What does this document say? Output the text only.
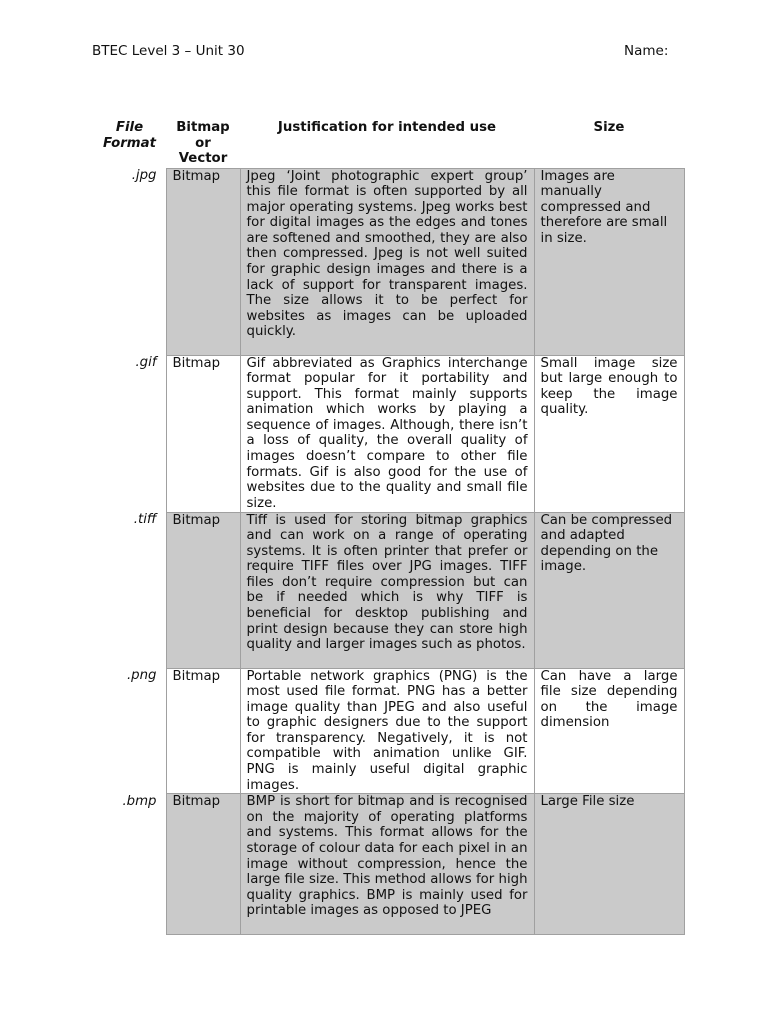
BTEC Level 3 – Unit 30	Name:
File Format	Bitmap or Vector	Justification for intended use	Size
.jpg	Bitmap	Jpeg ‘Joint photographic expert group’ this file format is often supported by all major operating systems. Jpeg works best for digital images as the edges and tones are softened and smoothed, they are also then compressed. Jpeg is not well suited for graphic design images and there is a lack of support for transparent images. The size allows it to be perfect for websites as images can be uploaded quickly.	Images are manually compressed and therefore are small in size.
.gif	Bitmap	Gif abbreviated as Graphics interchange format popular for it portability and support. This format mainly supports animation which works by playing a sequence of images. Although, there isn’t a loss of quality, the overall quality of images doesn’t compare to other file formats. Gif is also good for the use of websites due to the quality and small file size.	Small image size but large enough to keep the image quality.
.tiff	Bitmap	Tiff is used for storing bitmap graphics and can work on a range of operating systems. It is often printer that prefer or require TIFF files over JPG images. TIFF files don’t require compression but can be if needed which is why TIFF is beneficial for desktop publishing and print design because they can store high quality and larger images such as photos.	Can be compressed and adapted depending on the image.
.png	Bitmap	Portable network graphics (PNG) is the most used file format. PNG has a better image quality than JPEG and also useful to graphic designers due to the support for transparency. Negatively, it is not compatible with animation unlike GIF. PNG is mainly useful digital graphic images.	Can have a large file size depending on the image dimension
.bmp	Bitmap	BMP is short for bitmap and is recognised on the majority of operating platforms and systems. This format allows for the storage of colour data for each pixel in an image without compression, hence the large file size. This method allows for high quality graphics. BMP is mainly used for printable images as opposed to JPEG	Large File size
